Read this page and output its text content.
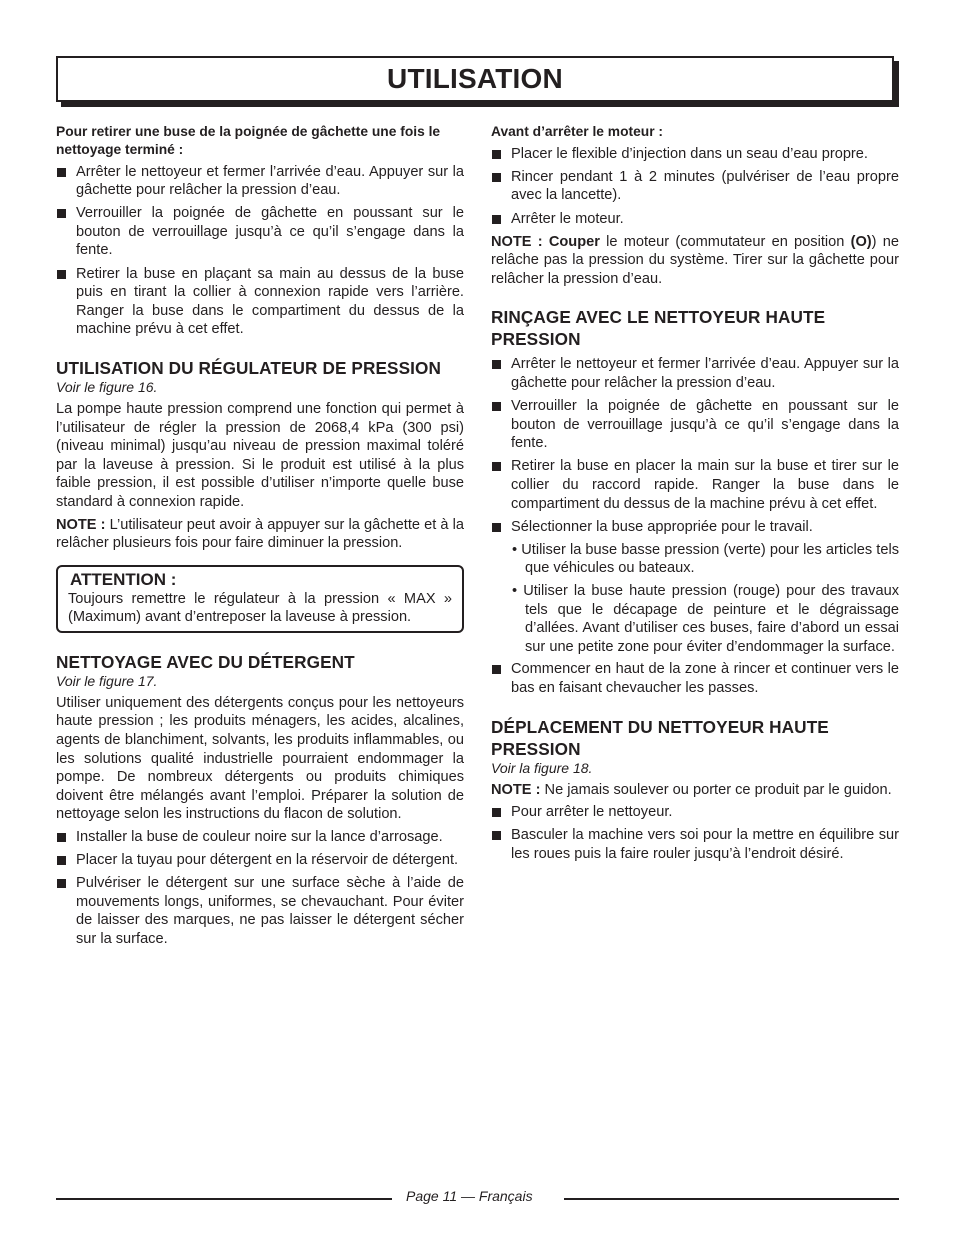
UTILISATION

Pour retirer une buse de la poignée de gâchette une fois le nettoyage terminé :

Arrêter le nettoyeur et fermer l’arrivée d’eau. Appuyer sur la gâchette pour relâcher la pression d’eau.
Verrouiller la poignée de gâchette en poussant sur le bouton de verrouillage jusqu’à ce qu’il s’engage dans la fente.
Retirer la buse en plaçant sa main au dessus de la buse puis en tirant la collier à connexion rapide vers l’arrière. Ranger la buse dans le compartiment du dessus de la machine prévu à cet effet.
UTILISATION DU RÉGULATEUR DE PRESSION
Voir le figure 16.

La pompe haute pression comprend une fonction qui permet à l’utilisateur de régler la pression de 2068,4 kPa (300 psi) (niveau minimal) jusqu’au niveau de pression maximal toléré par la laveuse à pression. Si le produit est utilisé à la plus faible pression, il est possible d’utiliser n’importe quelle buse standard à connexion rapide.

NOTE : L’utilisateur peut avoir à appuyer sur la gâchette et à la relâcher plusieurs fois pour faire diminuer la pression.

ATTENTION :

Toujours remettre le régulateur à la pression « MAX » (Maximum) avant d’entreposer la laveuse à pression.

NETTOYAGE AVEC DU DÉTERGENT
Voir le figure 17.

Utiliser uniquement des détergents conçus pour les nettoyeurs haute pression ; les produits ménagers, les acides, alcalines, agents de blanchiment, solvants, les produits inflammables, ou les solutions qualité industrielle pourraient endommager la pompe. De nombreux détergents ou produits chimiques doivent être mélangés avant l’emploi. Préparer la solution de nettoyage selon les instructions du flacon de solution.

Installer la buse de couleur noire sur la lance d’arrosage.
Placer la tuyau pour détergent en la réservoir de détergent.
Pulvériser le détergent sur une surface sèche à l’aide de mouvements longs, uniformes, se chevauchant. Pour éviter de laisser des marques, ne pas laisser le détergent sécher sur la surface.

Avant d’arrêter le moteur :

Placer le flexible d’injection dans un seau d’eau propre.
Rincer pendant 1 à 2 minutes (pulvériser de l’eau propre avec la lancette).
Arrêter le moteur.

NOTE : Couper le moteur (commutateur en position (O)) ne relâche pas la pression du système. Tirer sur la gâchette pour relâcher la pression d’eau.

RINÇAGE AVEC LE NETTOYEUR HAUTE PRESSION
Arrêter le nettoyeur et fermer l’arrivée d’eau. Appuyer sur la gâchette pour relâcher la pression d’eau.
Verrouiller la poignée de gâchette en poussant sur le bouton de verrouillage jusqu’à ce qu’il s’engage dans la fente.
Retirer la buse en placer la main sur la buse et tirer sur le collier du raccord rapide. Ranger la buse dans le compartiment du dessus de la machine prévu à cet effet.
Sélectionner la buse appropriée pour le travail.
• Utiliser la buse basse pression (verte) pour les articles tels que véhicules ou bateaux.
• Utiliser la buse haute pression (rouge) pour des travaux tels que le décapage de peinture et le dégraissage d’allées. Avant d’utiliser ces buses, faire d’abord un essai sur une petite zone pour éviter d’endommager la surface.
Commencer en haut de la zone à rincer et continuer vers le bas en faisant chevaucher les passes.
DÉPLACEMENT DU NETTOYEUR HAUTE PRESSION
Voir la figure 18.

NOTE : Ne jamais soulever ou porter ce produit par le guidon.

Pour arrêter le nettoyeur.
Basculer la machine vers soi pour la mettre en équilibre sur les roues puis la faire rouler jusqu’à l’endroit désiré.
Page 11 — Français
